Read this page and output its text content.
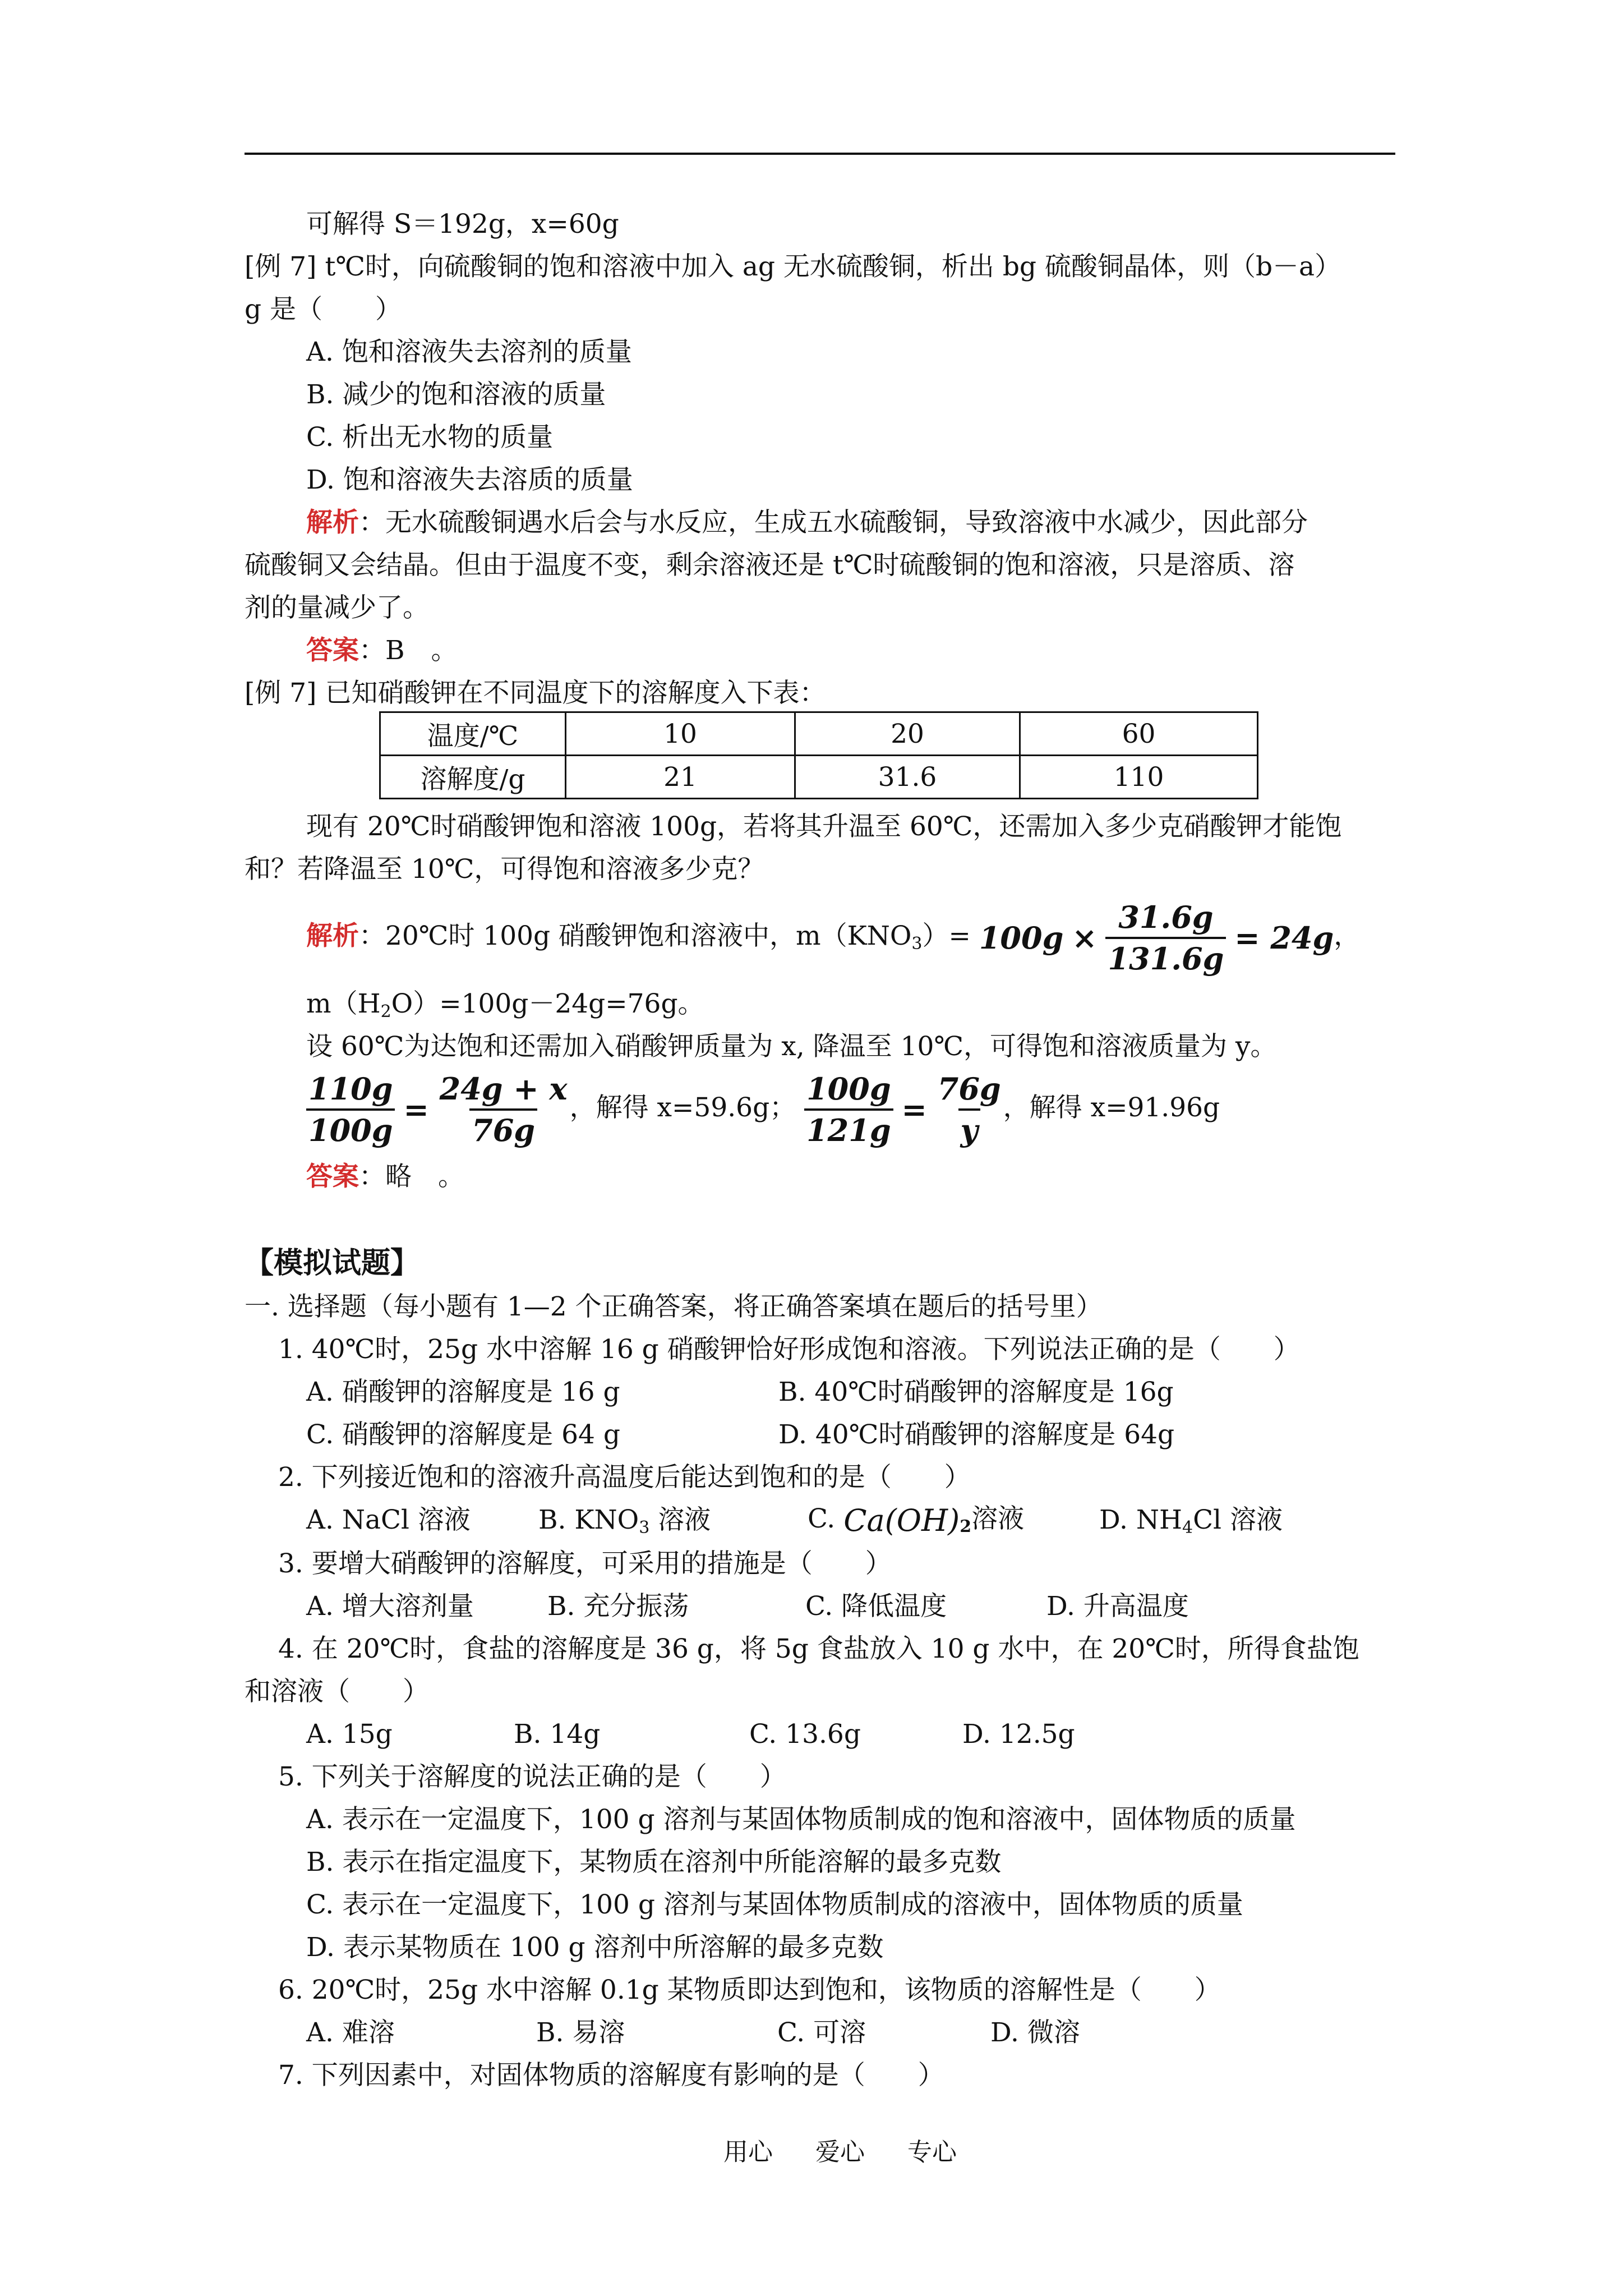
可解得 S＝192g，x=60g
[例 7] t℃时，向硫酸铜的饱和溶液中加入 ag 无水硫酸铜，析出 bg 硫酸铜晶体，则（b－a）
g 是（　　）
A. 饱和溶液失去溶剂的质量
B. 减少的饱和溶液的质量
C. 析出无水物的质量
D. 饱和溶液失去溶质的质量
解析：无水硫酸铜遇水后会与水反应，生成五水硫酸铜，导致溶液中水减少，因此部分
硫酸铜又会结晶。但由于温度不变，剩余溶液还是 t℃时硫酸铜的饱和溶液，只是溶质、溶
剂的量减少了。
答案：B　。
[例 7] 已知硝酸钾在不同温度下的溶解度入下表：
温度/℃	10	20	60
溶解度/g	21	31.6	110
现有 20℃时硝酸钾饱和溶液 100g，若将其升温至 60℃，还需加入多少克硝酸钾才能饱
和？若降温至 10℃，可得饱和溶液多少克？
解析：20℃时 100g 硝酸钾饱和溶液中，$m(KNO_3)= 100g \times \frac{31.6g}{131.6g} = 24g$，
$m(H_2O)=100g-24g=76g$。
设 60℃为达饱和还需加入硝酸钾质量为 x, 降温至 10℃，可得饱和溶液质量为 y。
$\frac{110g}{100g} = \frac{24g + x}{76g}$ ，解得 x=59.6g； $\frac{100g}{121g} = \frac{76g}{y}$ ，解得 x=91.96g
答案：略　。
【模拟试题】
一. 选择题（每小题有 1—2 个正确答案，将正确答案填在题后的括号里）
1. 40℃时，25g 水中溶解 16 g 硝酸钾恰好形成饱和溶液。下列说法正确的是（　　）
A. 硝酸钾的溶解度是 16 g	B. 40℃时硝酸钾的溶解度是 16g
C. 硝酸钾的溶解度是 64 g	D. 40℃时硝酸钾的溶解度是 64g
2. 下列接近饱和的溶液升高温度后能达到饱和的是（　　）
A. NaCl 溶液	B. $KNO_3$ 溶液	C. $Ca(OH)_2$溶液	D. $NH_4Cl$ 溶液
3. 要增大硝酸钾的溶解度，可采用的措施是（　　）
A. 增大溶剂量	B. 充分振荡	C. 降低温度	D. 升高温度
4. 在 20℃时，食盐的溶解度是 36 g，将 5g 食盐放入 10 g 水中，在 20℃时，所得食盐饱
和溶液（　　）
A. 15g	B. 14g	C. 13.6g	D. 12.5g
5. 下列关于溶解度的说法正确的是（　　）
A. 表示在一定温度下，100 g 溶剂与某固体物质制成的饱和溶液中，固体物质的质量
B. 表示在指定温度下，某物质在溶剂中所能溶解的最多克数
C. 表示在一定温度下，100 g 溶剂与某固体物质制成的溶液中，固体物质的质量
D. 表示某物质在 100 g 溶剂中所溶解的最多克数
6. 20℃时，25g 水中溶解 0.1g 某物质即达到饱和，该物质的溶解性是（　　）
A. 难溶	B. 易溶	C. 可溶	D. 微溶
7. 下列因素中，对固体物质的溶解度有影响的是（　　）
用心 爱心 专心
